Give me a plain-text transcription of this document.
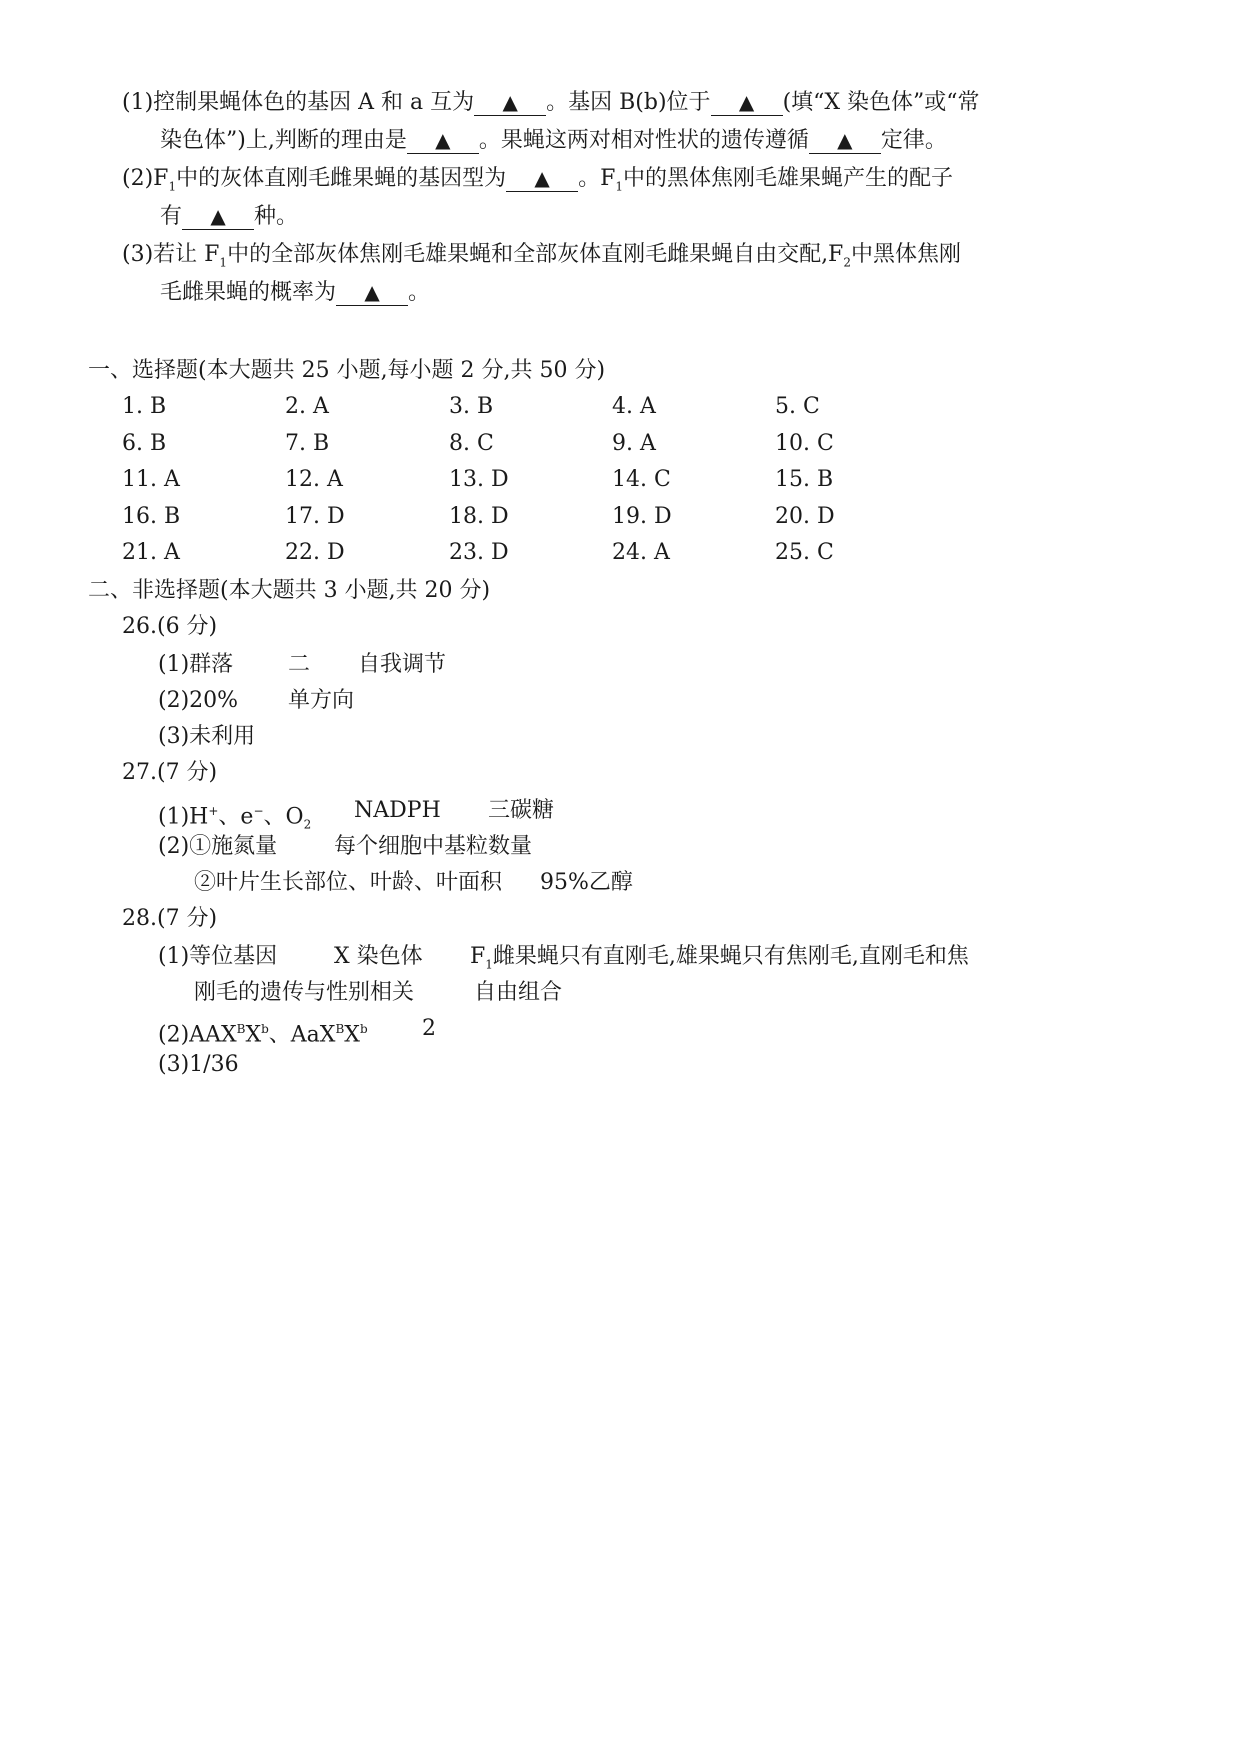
(1)控制果蝇体色的基因 A 和 a 互为 ▲ 。基因 B(b)位于 ▲ (填“X 染色体”或“常
染色体”)上,判断的理由是 ▲ 。果蝇这两对相对性状的遗传遵循 ▲ 定律。
$(2)F_1$中的灰体直刚毛雌果蝇的基因型为 ▲ 。$F_1$中的黑体焦刚毛雄果蝇产生的配子
有 ▲ 种。
(3)若让 $F_1$中的全部灰体焦刚毛雄果蝇和全部灰体直刚毛雌果蝇自由交配$,F_2$中黑体焦刚
毛雌果蝇的概率为 ▲ 。
一、选择题(本大题共 25 小题,每小题 2 分,共 50 分)
1. B	2. A	3. B	4. A	5. C
6. B	7. B	8. C	9. A	10. C
11. A	12. A	13. D	14. C	15. B
16. B	17. D	18. D	19. D	20. D
21. A	22. D	23. D	24. A	25. C
二、非选择题(本大题共 3 小题,共 20 分)
26.(6 分)
(1)群落 二 自我调节
(2)20% 单方向
(3)未利用
27.(7 分)
(1)H+、e−、$O_2$
NADPH 三碳糖
(2)①施氮量	每个细胞中基粒数量
②叶片生长部位、叶龄、叶面积 95%乙醇
28.(7 分)
(1)等位基因	X 染色体 $F_1$雌果蝇只有直刚毛,雄果蝇只有焦刚毛,直刚毛和焦
刚毛的遗传与性别相关	自由组合
$(2)AAX^BX^b$、$AaX^BX^b$ 2
(3)1/36
